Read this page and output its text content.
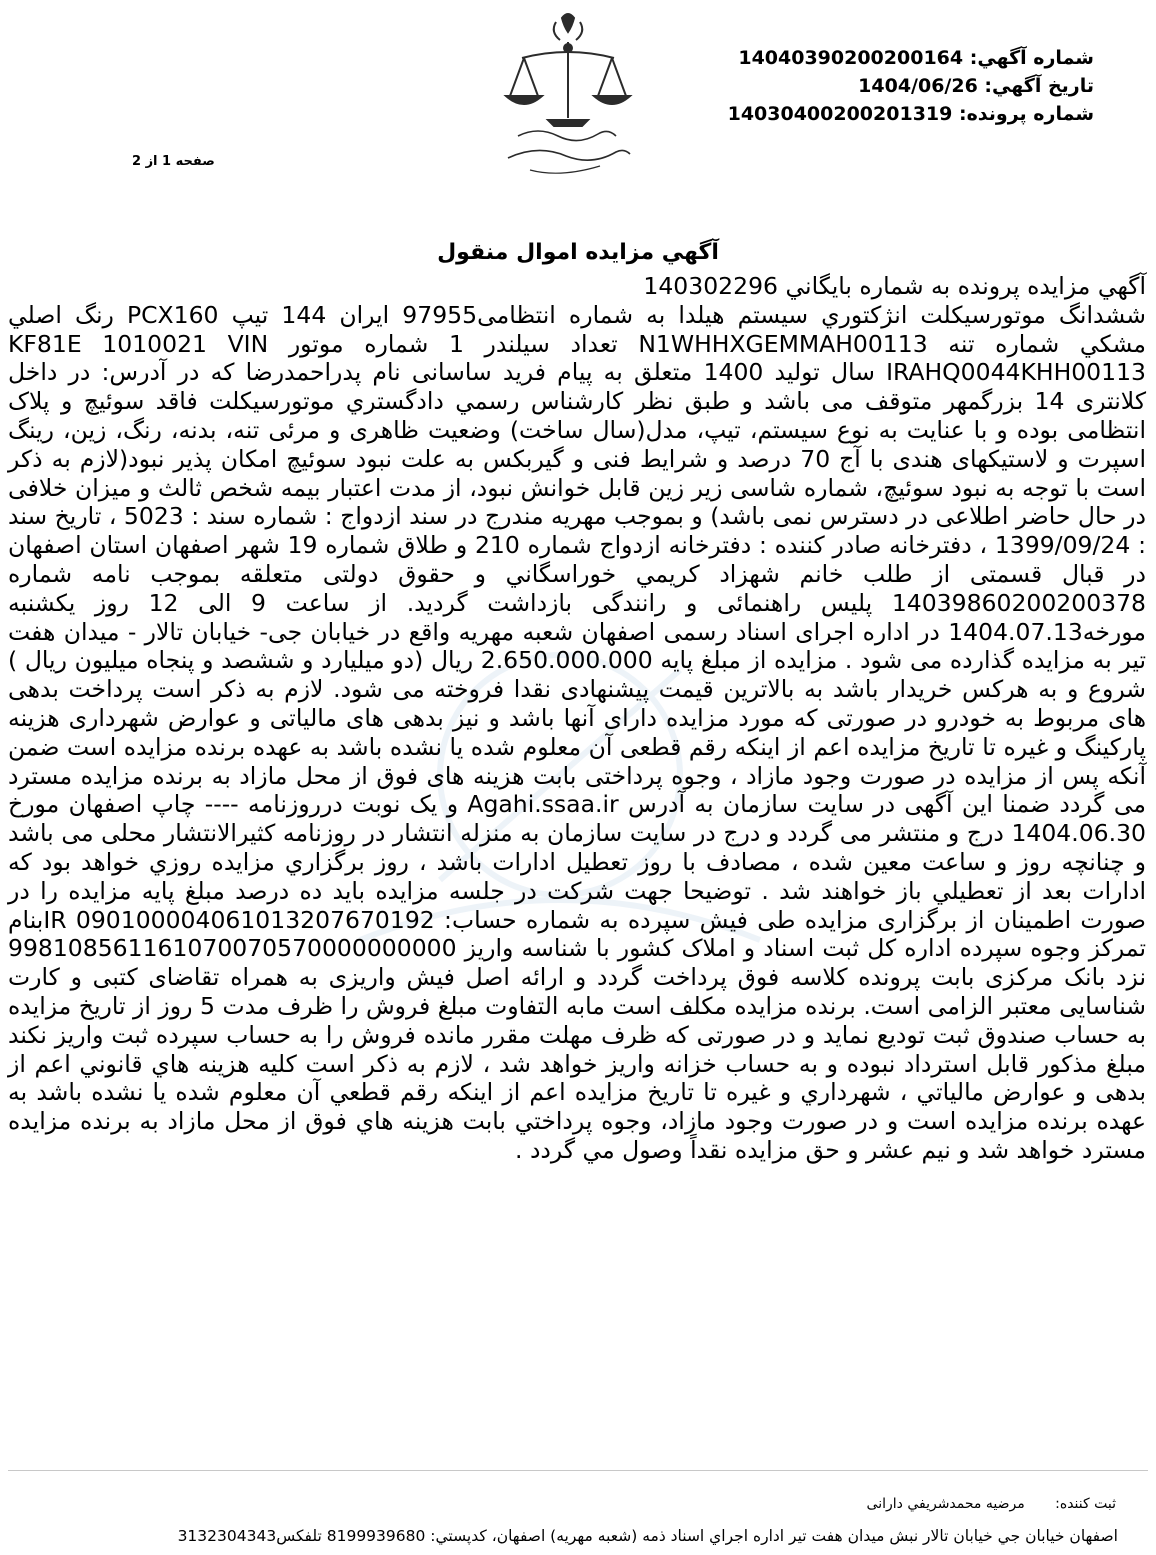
شماره آگهي: 14040390200200164
تاريخ آگهي: 1404/06/26
شماره پرونده: 14030400200201319
صفحه 1 از 2
آگهي مزايده اموال منقول

آگهي مزايده پرونده به شماره بايگاني 140302296

ششدانگ موتورسيكلت انژكتوري سيستم هيلدا به شماره انتظامی97955 ايران 144 تيپ PCX160 رنگ اصلي مشكي شماره تنه N1WHHXGEMMAH00113 تعداد سيلندر 1 شماره موتور KF81E 1010021 VIN IRAHQ0044KHH00113 سال توليد 1400 متعلق به پيام فريد ساسانی نام پدراحمدرضا که در آدرس: در داخل کلانتری 14 بزرگمهر متوقف می باشد و طبق نظر کارشناس رسمي دادگستري موتورسيکلت فاقد سوئيچ و پلاک انتظامی بوده و با عنايت به نوع سيستم، تيپ، مدل(سال ساخت) وضعيت ظاهری و مرئی تنه، بدنه، رنگ، زين، رينگ اسپرت و لاستيکهای هندی با آج 70 درصد و شرايط فنی و گيربکس به علت نبود سوئيچ امکان پذير نبود(لازم به ذکر است با توجه به نبود سوئيچ، شماره شاسی زير زين قابل خوانش نبود، از مدت اعتبار بيمه شخص ثالث و ميزان خلافی در حال حاضر اطلاعی در دسترس نمی باشد) و بموجب مهريه مندرج در سند ازدواج : شماره سند : 5023 ، تاريخ سند : 1399/09/24 ، دفترخانه صادر کننده : دفترخانه ازدواج شماره 210 و طلاق شماره 19 شهر اصفهان استان اصفهان در قبال قسمتی از طلب خانم شهزاد کريمي خوراسگاني و حقوق دولتی متعلقه بموجب نامه شماره 14039860200200378 پليس راهنمائی و رانندگی بازداشت گرديد. از ساعت 9 الی 12 روز يکشنبه مورخه1404.07.13 در اداره اجرای اسناد رسمی اصفهان شعبه مهريه واقع در خيابان جی- خيابان تالار - ميدان هفت تير به مزايده گذارده می شود . مزايده از مبلغ پايه 2.650.000.000 ريال (دو ميليارد و ششصد و پنجاه ميليون ريال ) شروع و به هرکس خريدار باشد به بالاترين قيمت پيشنهادی نقدا فروخته می شود. لازم به ذکر است پرداخت بدهی های مربوط به خودرو در صورتی که مورد مزايده دارای آنها باشد و نيز بدهی های مالياتی و عوارض شهرداری هزينه پارکينگ و غيره تا تاريخ مزايده اعم از اينکه رقم قطعی آن معلوم شده يا نشده باشد به عهده برنده مزايده است ضمن آنکه پس از مزايده در صورت وجود مازاد ، وجوه پرداختی بابت هزينه های فوق از محل مازاد به برنده مزايده مسترد می گردد ضمنا اين آگهی در سايت سازمان به آدرس Agahi.ssaa.ir و يک نوبت درروزنامه ---- چاپ اصفهان مورخ 1404.06.30 درج و منتشر می گردد و درج در سايت سازمان به منزله انتشار در روزنامه کثيرالانتشار محلی می باشد و چنانچه روز و ساعت معين شده ، مصادف با روز تعطيل ادارات باشد ، روز برگزاري مزايده روزي خواهد بود که ادارات بعد از تعطيلي باز خواهند شد . توضيحا جهت شرکت در جلسه مزايده بايد ده درصد مبلغ پايه مزايده را در صورت اطمينان از برگزاری مزايده طی فيش سپرده به شماره حساب: IR 090100004061013207670192بنام تمرکز وجوه سپرده اداره کل ثبت اسناد و املاک کشور با شناسه واريز 998108561161070070570000000000 نزد بانک مرکزی بابت پرونده کلاسه فوق پرداخت گردد و ارائه اصل فيش واريزی به همراه تقاضای کتبی و کارت شناسايی معتبر الزامی است. برنده مزايده مکلف است مابه التفاوت مبلغ فروش را ظرف مدت 5 روز از تاريخ مزايده به حساب صندوق ثبت توديع نمايد و در صورتی که ظرف مهلت مقرر مانده فروش را به حساب سپرده ثبت واريز نکند مبلغ مذکور قابل استرداد نبوده و به حساب خزانه واريز خواهد شد ، لازم به ذکر است کليه هزينه هاي قانوني اعم از بدهی و عوارض مالياتي ، شهرداري و غيره تا تاريخ مزايده اعم از اينکه رقم قطعي آن معلوم شده يا نشده باشد به عهده برنده مزايده است و در صورت وجود مازاد، وجوه پرداختي بابت هزينه هاي فوق از محل مازاد به برنده مزايده مسترد خواهد شد و نيم عشر و حق مزايده نقداً وصول مي گردد .

ثبت كننده: مرضيه محمدشريفي دارانى
اصفهان خيابان جي خيابان تالار نبش ميدان هفت تير اداره اجراي اسناد ذمه (شعبه مهريه) اصفهان، كدپستي: 8199939680 تلفكس3132304343
